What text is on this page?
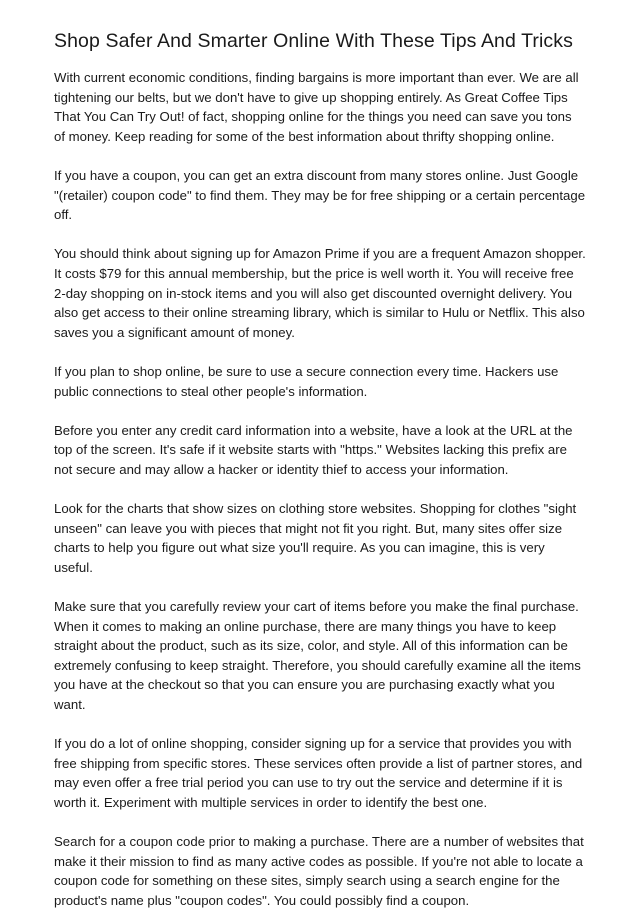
Shop Safer And Smarter Online With These Tips And Tricks

With current economic conditions, finding bargains is more important than ever. We are all tightening our belts, but we don't have to give up shopping entirely. As Great Coffee Tips That You Can Try Out! of fact, shopping online for the things you need can save you tons of money. Keep reading for some of the best information about thrifty shopping online.

If you have a coupon, you can get an extra discount from many stores online. Just Google "(retailer) coupon code" to find them. They may be for free shipping or a certain percentage off.

You should think about signing up for Amazon Prime if you are a frequent Amazon shopper. It costs $79 for this annual membership, but the price is well worth it. You will receive free 2-day shopping on in-stock items and you will also get discounted overnight delivery. You also get access to their online streaming library, which is similar to Hulu or Netflix. This also saves you a significant amount of money.

If you plan to shop online, be sure to use a secure connection every time. Hackers use public connections to steal other people's information.

Before you enter any credit card information into a website, have a look at the URL at the top of the screen. It's safe if it website starts with "https." Websites lacking this prefix are not secure and may allow a hacker or identity thief to access your information.

Look for the charts that show sizes on clothing store websites. Shopping for clothes "sight unseen" can leave you with pieces that might not fit you right. But, many sites offer size charts to help you figure out what size you'll require. As you can imagine, this is very useful.

Make sure that you carefully review your cart of items before you make the final purchase. When it comes to making an online purchase, there are many things you have to keep straight about the product, such as its size, color, and style. All of this information can be extremely confusing to keep straight. Therefore, you should carefully examine all the items you have at the checkout so that you can ensure you are purchasing exactly what you want.

If you do a lot of online shopping, consider signing up for a service that provides you with free shipping from specific stores. These services often provide a list of partner stores, and may even offer a free trial period you can use to try out the service and determine if it is worth it. Experiment with multiple services in order to identify the best one.

Search for a coupon code prior to making a purchase. There are a number of websites that make it their mission to find as many active codes as possible. If you're not able to locate a coupon code for something on these sites, simply search using a search engine for the product's name plus "coupon codes". You could possibly find a coupon.
